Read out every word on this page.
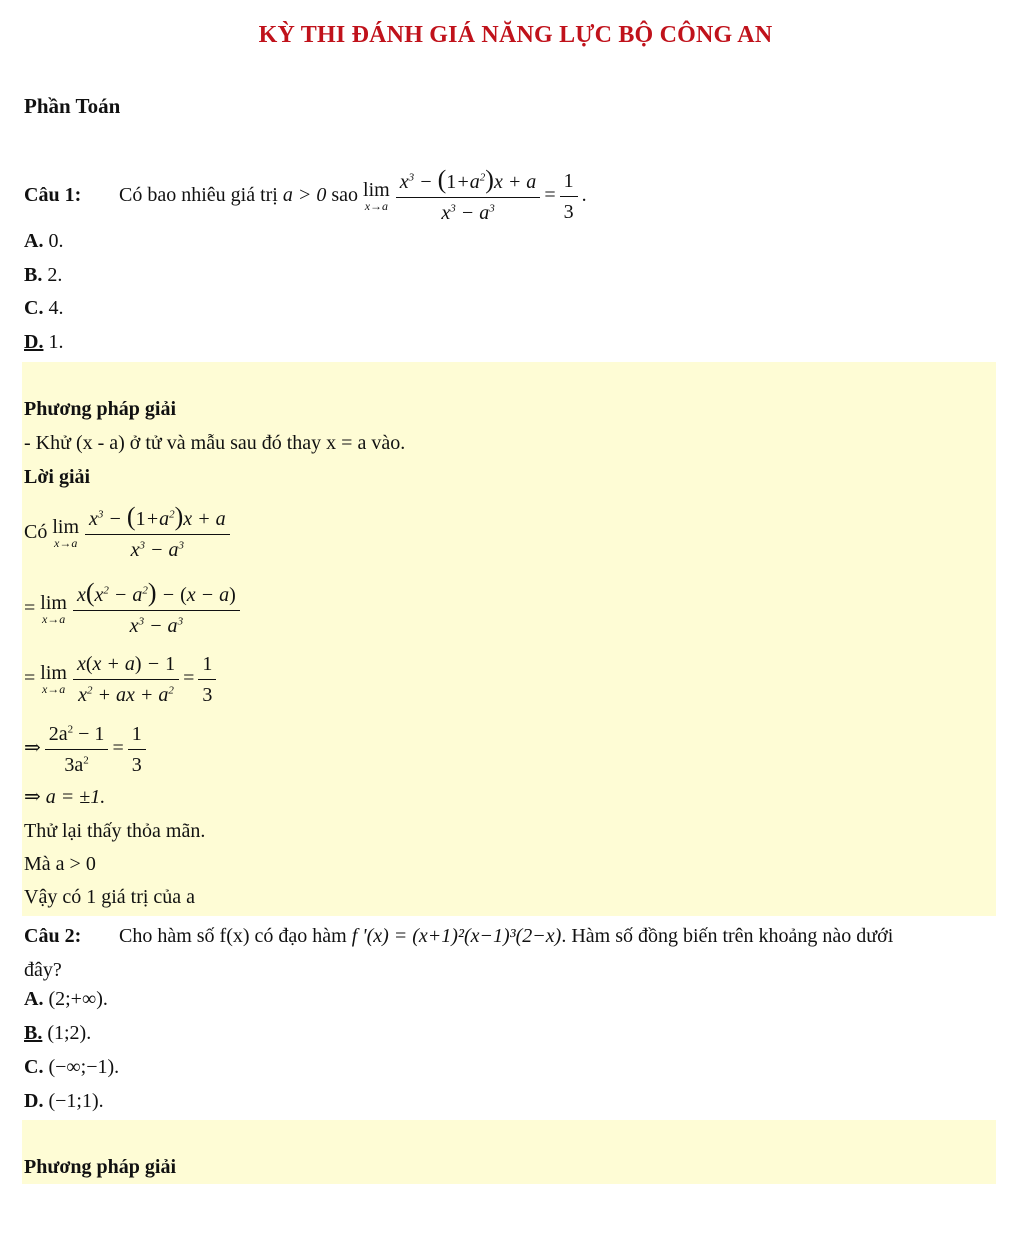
KỲ THI ĐÁNH GIÁ NĂNG LỰC BỘ CÔNG AN
Phần Toán
Câu 1: Có bao nhiêu giá trị a > 0 sao lim
$x\to a \frac{x^3 - (1+a^2)x + a}{x^3 - a^3} = \frac{1}{3}$ .
A. 0.
B. 2.
C. 4.
D. 1.
Phương pháp giải
- Khử (x - a) ở tử và mẫu sau đó thay x = a vào.
Lời giải
Có lim
$x\to a \frac{x^3 - (1+a^2)x + a}{x^3 - a^3}$
= lim
$x\to a \frac{x(x^2 - a^2) - (x - a)}{x^3 - a^3}$
= lim
$x\to a \frac{x(x + a) - 1}{x^2 + ax + a^2} = \frac{1}{3}$
⇒ $\frac{2a^2 - 1}{3a^2} = \frac{1}{3}$
⇒ a = ±1.
Thử lại thấy thỏa mãn.
Mà a > 0
Vậy có 1 giá trị của a
Câu 2: Cho hàm số f(x) có đạo hàm f '(x) = (x+1)²(x−1)³(2−x). Hàm số đồng biến trên khoảng nào dưới
đây?
A. (2;+∞).
B. (1;2).
C. (−∞;−1).
D. (−1;1).
Phương pháp giải
